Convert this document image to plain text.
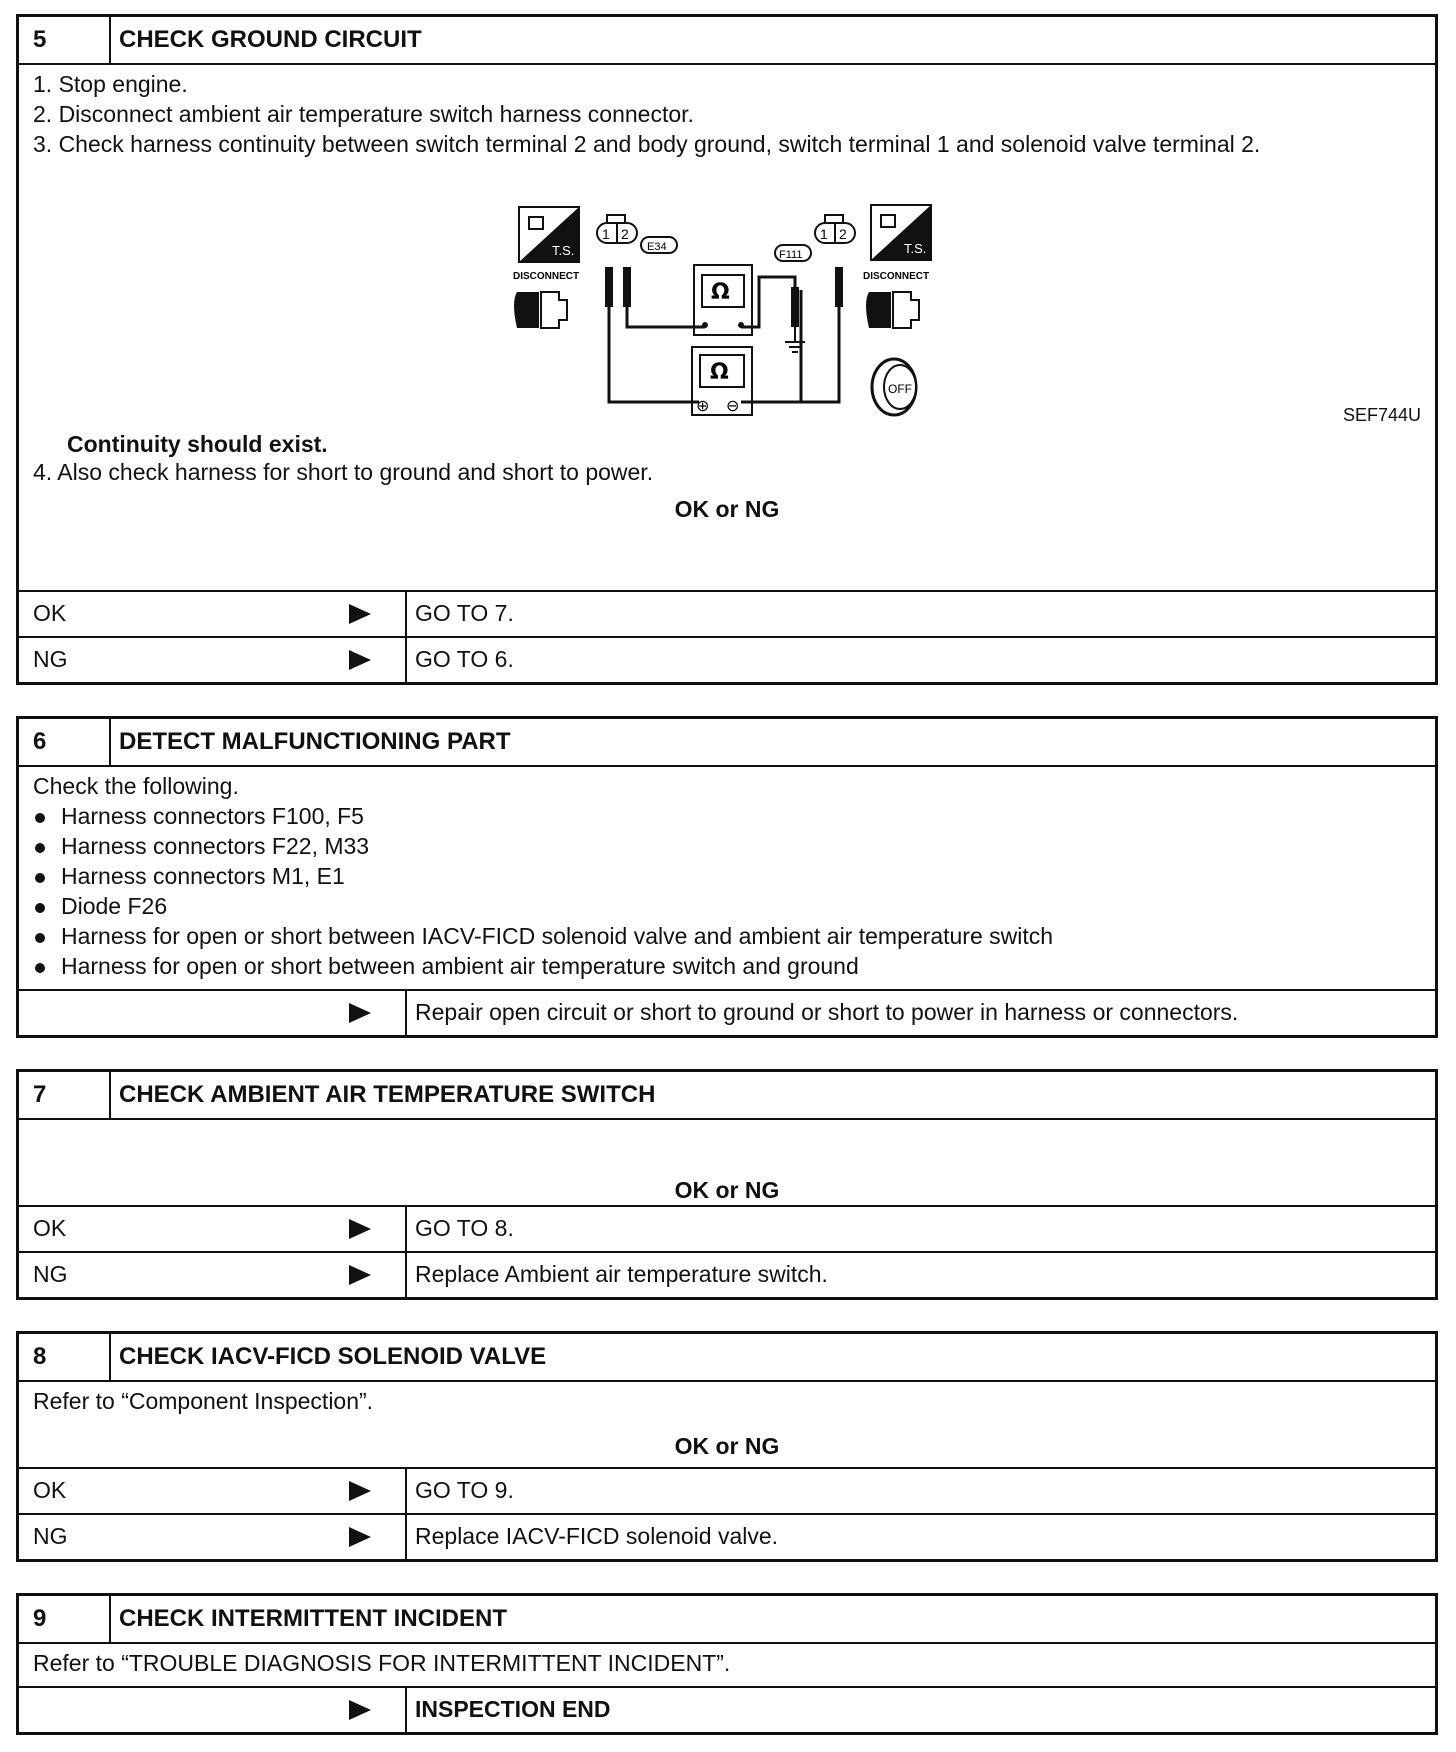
5	CHECK GROUND CIRCUIT
1. Stop engine.
2. Disconnect ambient air temperature switch harness connector.
3. Check harness continuity between switch terminal 2 and body ground, switch terminal 1 and solenoid valve terminal 2.
T.S.
DISCONNECT
1 2
E34
Ω
Ω
⊕ ⊖
F111
1 2
T.S.
DISCONNECT
OFF
SEF744U
Continuity should exist.
4. Also check harness for short to ground and short to power.
OK or NG
OK	GO TO 7.
NG	GO TO 6.
6	DETECT MALFUNCTIONING PART
Check the following.
Harness connectors F100, F5
Harness connectors F22, M33
Harness connectors M1, E1
Diode F26
Harness for open or short between IACV-FICD solenoid valve and ambient air temperature switch
Harness for open or short between ambient air temperature switch and ground
Repair open circuit or short to ground or short to power in harness or connectors.
7	CHECK AMBIENT AIR TEMPERATURE SWITCH
OK or NG
OK	GO TO 8.
NG	Replace Ambient air temperature switch.
8	CHECK IACV-FICD SOLENOID VALVE
Refer to “Component Inspection”.
OK or NG
OK	GO TO 9.
NG	Replace IACV-FICD solenoid valve.
9	CHECK INTERMITTENT INCIDENT
Refer to “TROUBLE DIAGNOSIS FOR INTERMITTENT INCIDENT”.
INSPECTION END
